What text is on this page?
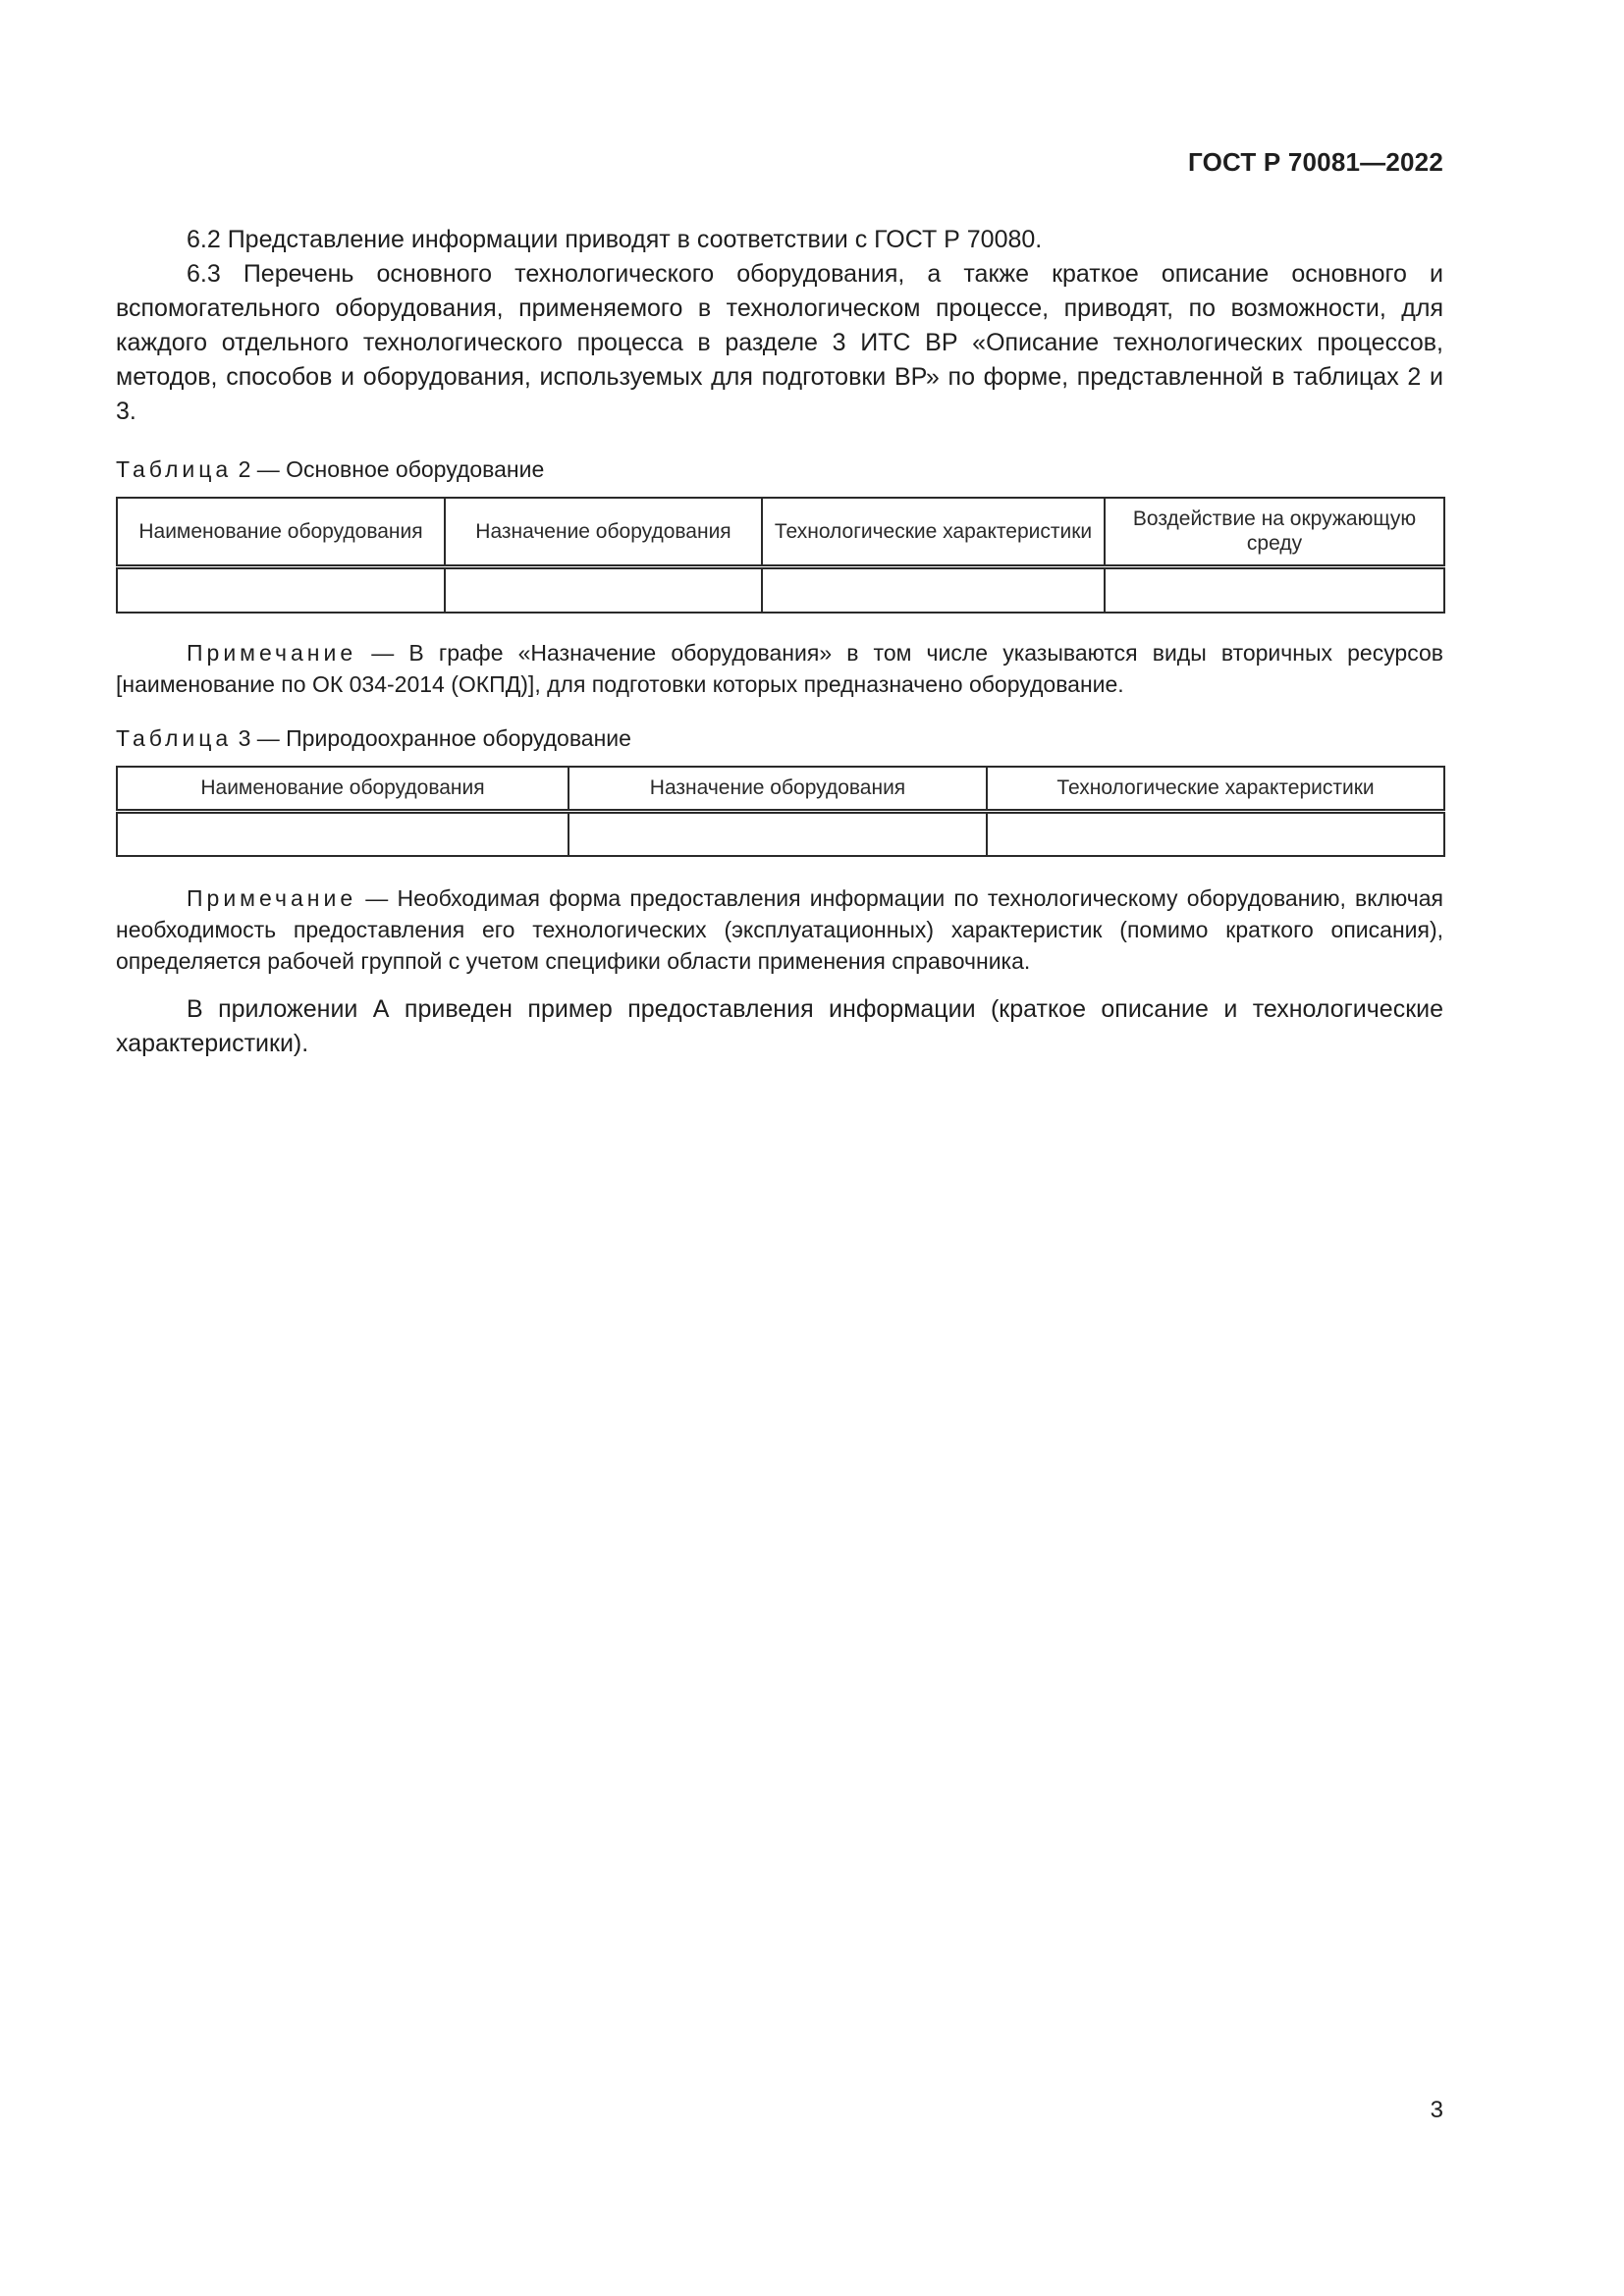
ГОСТ Р 70081—2022

6.2 Представление информации приводят в соответствии с ГОСТ Р 70080.

6.3 Перечень основного технологического оборудования, а также краткое описание основного и вспомогательного оборудования, применяемого в технологическом процессе, приводят, по возможности, для каждого отдельного технологического процесса в разделе 3 ИТС ВР «Описание технологических процессов, методов, способов и оборудования, используемых для подготовки ВР» по форме, представленной в таблицах 2 и 3.

Таблица 2 — Основное оборудование

Наименование оборудования	Назначение оборудования	Технологические характеристики	Воздействие на окружающую среду

Примечание — В графе «Назначение оборудования» в том числе указываются виды вторичных ресурсов [наименование по ОК 034-2014 (ОКПД)], для подготовки которых предназначено оборудование.

Таблица 3 — Природоохранное оборудование

Наименование оборудования	Назначение оборудования	Технологические характеристики

Примечание — Необходимая форма предоставления информации по технологическому оборудованию, включая необходимость предоставления его технологических (эксплуатационных) характеристик (помимо краткого описания), определяется рабочей группой с учетом специфики области применения справочника.

В приложении А приведен пример предоставления информации (краткое описание и технологические характеристики).

3
